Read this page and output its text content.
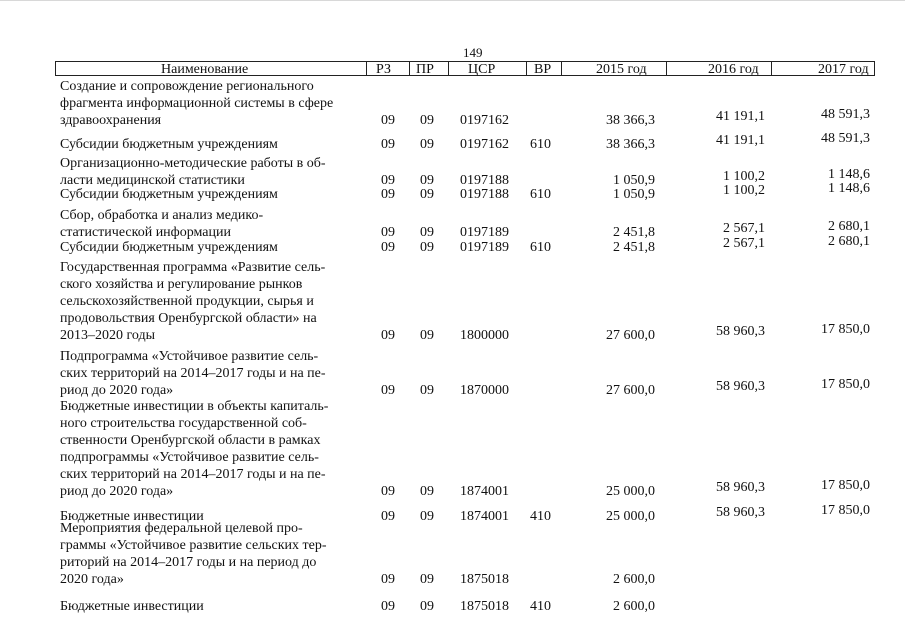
149
Наименование	РЗ ПР ЦСР	ВР	2015 год	2016 год	2017 год
Создание и сопровождение регионального
фрагмента информационной системы в сфере
здравоохранения	09 09 0197162	38 366,3	41 191,1	48 591,3
Субсидии бюджетным учреждениям	09 09 0197162 610	38 366,3	41 191,1	48 591,3
Организационно-методические работы в об-
ласти медицинской статистики	09 09 0197188	1 050,9	1 100,2	1 148,6
Субсидии бюджетным учреждениям	09 09 0197188 610	1 050,9	1 100,2	1 148,6
Сбор, обработка и анализ медико-
статистической информации	09 09 0197189	2 451,8	2 567,1	2 680,1
Субсидии бюджетным учреждениям	09 09 0197189 610	2 451,8	2 567,1	2 680,1
Государственная программа «Развитие сель-
ского хозяйства и регулирование рынков
сельскохозяйственной продукции, сырья и
продовольствия Оренбургской области» на
2013–2020 годы	09 09 1800000	27 600,0	58 960,3	17 850,0
Подпрограмма «Устойчивое развитие сель-
ских территорий на 2014–2017 годы и на пе-
риод до 2020 года»	09 09 1870000	27 600,0	58 960,3	17 850,0
Бюджетные инвестиции в объекты капиталь-
ного строительства государственной соб-
ственности Оренбургской области в рамках
подпрограммы «Устойчивое развитие сель-
ских территорий на 2014–2017 годы и на пе-
риод до 2020 года»	09 09 1874001	25 000,0	58 960,3	17 850,0
Бюджетные инвестиции	09 09 1874001 410	25 000,0	58 960,3	17 850,0
Мероприятия федеральной целевой про-
граммы «Устойчивое развитие сельских тер-
риторий на 2014–2017 годы и на период до
2020 года»	09 09 1875018	2 600,0
Бюджетные инвестиции	09 09 1875018 410	2 600,0
